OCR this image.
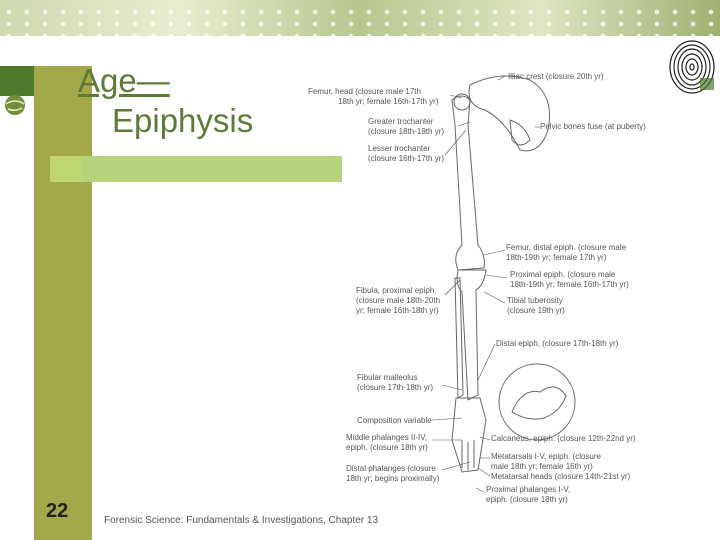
Age—
Epiphysis
Illiac crest (closure 20th yr)
Femur, head (closure male 17th
18th yr; female 16th-17th yr)
Greater trochanter
(closure 18th-19th yr)
Pelvic bones fuse (at puberty)
Lesser trochanter
(closure 16th-17th yr)
Femur, distal epiph. (closure male
18th-19th yr; female 17th yr)
Proximal epiph. (closure male
18th-19th yr; female 16th-17th yr)
Fibula, proximal epiph.
(closure male 18th-20th
yr; female 16th-18th yr)
Tibial tuberosity
(closure 19th yr)
Distal epiph. (closure 17th-18th yr)
Fibular malleolus
(closure 17th-18th yr)
Composition variable
Middle phalanges II-IV,
epiph. (closure 18th yr)
Calcaneus, epiph. (closure 12th-22nd yr)
Distal phalanges (closure
18th yr; begins proximally)
Metatarsals I-V, epiph. (closure
male 18th yr; female 16th yr)
Metatarsal heads (closure 14th-21st yr)
Proximal phalanges I-V,
epiph. (closure 18th yr)
22	Forensic Science: Fundamentals & Investigations, Chapter 13
